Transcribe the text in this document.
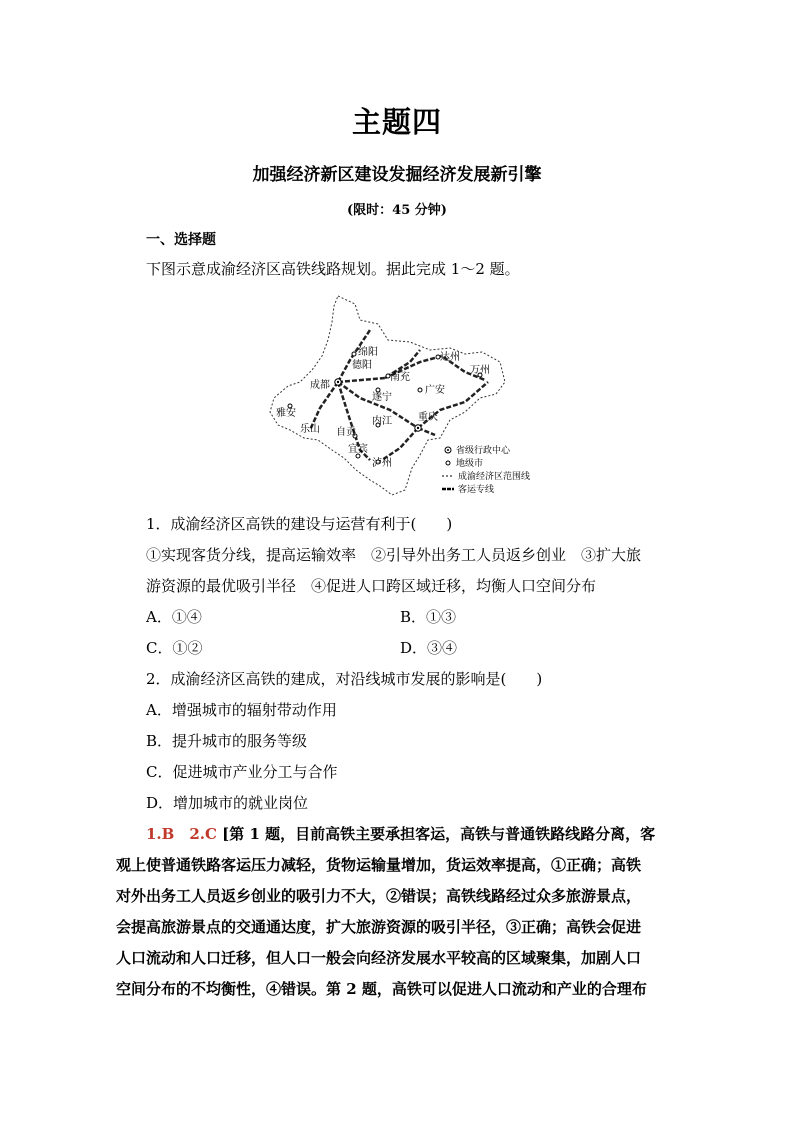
主题四
加强经济新区建设发掘经济发展新引擎
(限时：45 分钟)
一、选择题
下图示意成渝经济区高铁线路规划。据此完成 1～2 题。
绵阳
德阳
成都
南充
遂宁
广安
达州
万州
雅安
乐山 自贡
内江	重庆
宜宾
泸州
省级行政中心
地级市
成渝经济区范围线
客运专线
1．成渝经济区高铁的建设与运营有利于(　　)
①实现客货分线，提高运输效率　②引导外出务工人员返乡创业　③扩大旅
游资源的最优吸引半径　④促进人口跨区域迁移，均衡人口空间分布
A．①④	B．①③
C．①②	D．③④
2．成渝经济区高铁的建成，对沿线城市发展的影响是(　　)
A．增强城市的辐射带动作用
B．提升城市的服务等级
C．促进城市产业分工与合作
D．增加城市的就业岗位
1.B　2.C [第 1 题，目前高铁主要承担客运，高铁与普通铁路线路分离，客
观上使普通铁路客运压力减轻，货物运输量增加，货运效率提高，①正确；高铁
对外出务工人员返乡创业的吸引力不大，②错误；高铁线路经过众多旅游景点，
会提高旅游景点的交通通达度，扩大旅游资源的吸引半径，③正确；高铁会促进
人口流动和人口迁移，但人口一般会向经济发展水平较高的区域聚集，加剧人口
空间分布的不均衡性，④错误。第 2 题，高铁可以促进人口流动和产业的合理布
